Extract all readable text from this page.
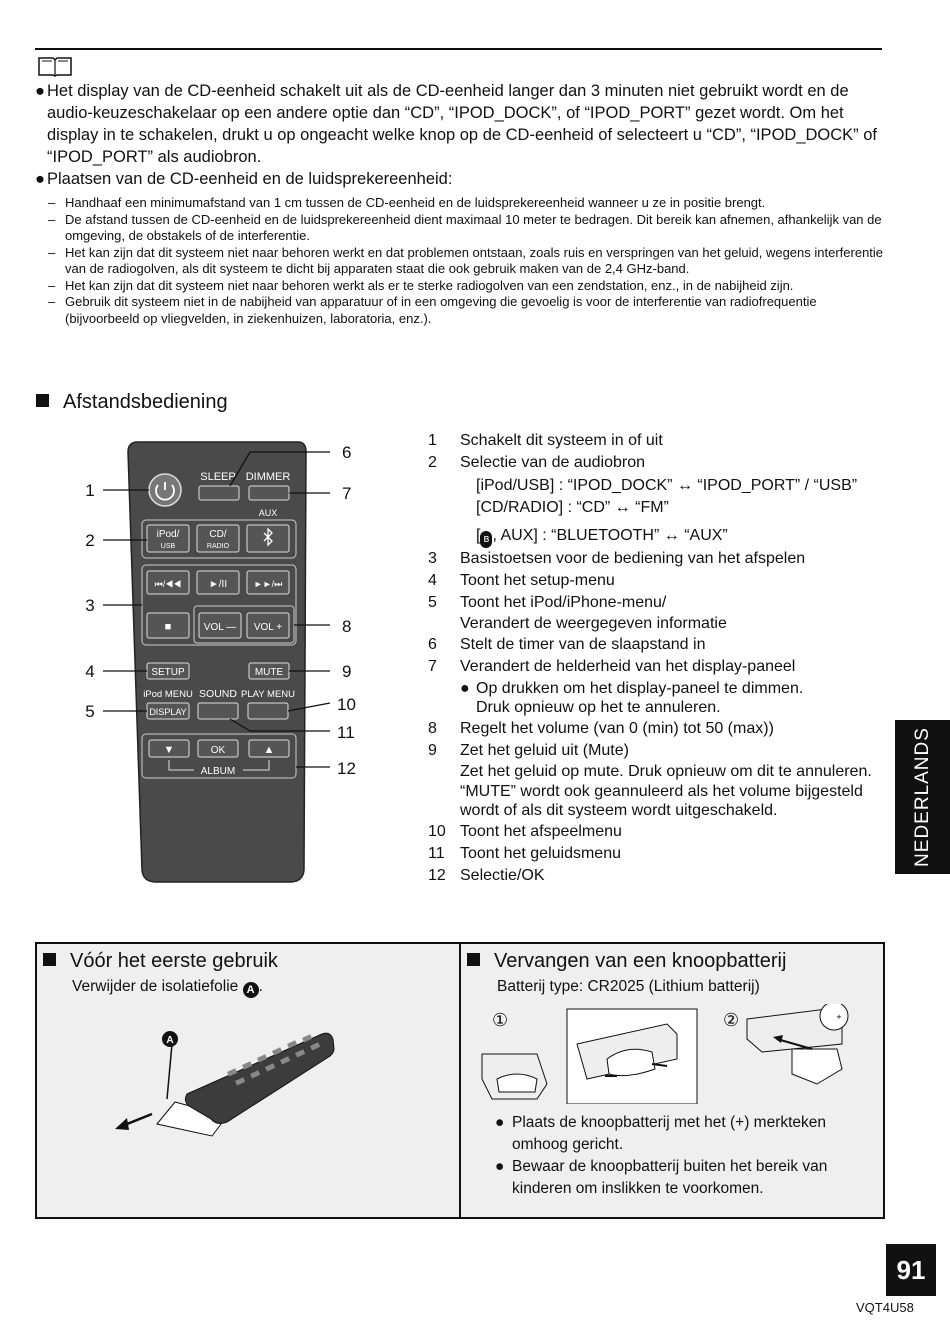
● Het display van de CD-eenheid schakelt uit als de CD-eenheid langer dan 3 minuten niet gebruikt wordt en de audio-keuzeschakelaar op een andere optie dan “CD”, “IPOD_DOCK”, of “IPOD_PORT” gezet wordt. Om het display in te schakelen, drukt u op ongeacht welke knop op de CD-eenheid of selecteert u “CD”, “IPOD_DOCK” of “IPOD_PORT” als audiobron.
● Plaatsen van de CD-eenheid en de luidsprekereenheid:
– Handhaaf een minimumafstand van 1 cm tussen de CD-eenheid en de luidsprekereenheid wanneer u ze in positie brengt.
– De afstand tussen de CD-eenheid en de luidsprekereenheid dient maximaal 10 meter te bedragen. Dit bereik kan afnemen, afhankelijk van de omgeving, de obstakels of de interferentie.
– Het kan zijn dat dit systeem niet naar behoren werkt en dat problemen ontstaan, zoals ruis en verspringen van het geluid, wegens interferentie van de radiogolven, als dit systeem te dicht bij apparaten staat die ook gebruik maken van de 2,4 GHz-band.
– Het kan zijn dat dit systeem niet naar behoren werkt als er te sterke radiogolven van een zendstation, enz., in de nabijheid zijn.
– Gebruik dit systeem niet in de nabijheid van apparatuur of in een omgeving die gevoelig is voor de interferentie van radiofrequentie (bijvoorbeeld op vliegvelden, in ziekenhuizen, laboratoria, enz.).
Afstandsbediening
SLEEP DIMMER
AUX
iPod/
USB
CD/
RADIO
⏮/◀◀	►/II	►►/⏭
■	VOL — VOL +
SETUP	MUTE
iPod MENU SOUND PLAY MENU
DISPLAY
▼	OK	▲
ALBUM
1
2
3
4
5
6
7
8
9
10
11
12
1	Schakelt dit systeem in of uit
2	Selectie van de audiobron
[iPod/USB] : “IPOD_DOCK” ↔ “IPOD_PORT” / “USB”
[CD/RADIO] : “CD” ↔ “FM”
[ ʙ , AUX] : “BLUETOOTH” ↔ “AUX”
3	Basistoetsen voor de bediening van het afspelen
4	Toont het setup-menu
5	Toont het iPod/iPhone-menu/
Verandert de weergegeven informatie
6	Stelt de timer van de slaapstand in
7	Verandert de helderheid van het display-paneel
● Op drukken om het display-paneel te dimmen.
Druk opnieuw op het te annuleren.
8	Regelt het volume (van 0 (min) tot 50 (max))
9	Zet het geluid uit (Mute)
Zet het geluid op mute. Druk opnieuw om dit te annuleren. “MUTE” wordt ook geannuleerd als het volume bijgesteld wordt of als dit systeem wordt uitgeschakeld.
10 Toont het afspeelmenu
11 Toont het geluidsmenu
12 Selectie/OK
NEDERLANDS
Vóór het eerste gebruik
Verwijder de isolatiefolie A .
A
Vervangen van een knoopbatterij
Batterij type: CR2025 (Lithium batterij)
①	②	+
● Plaats de knoopbatterij met het (+) merkteken omhoog gericht.
● Bewaar de knoopbatterij buiten het bereik van kinderen om inslikken te voorkomen.
91
VQT4U58
